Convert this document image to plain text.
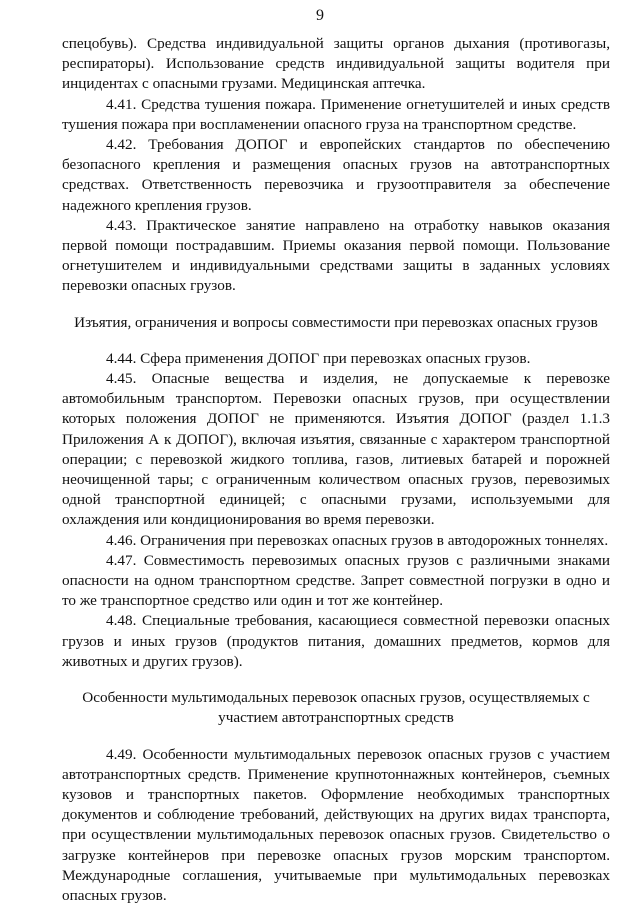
9

спецобувь). Средства индивидуальной защиты органов дыхания (противогазы, респираторы). Использование средств индивидуальной защиты водителя при инцидентах с опасными грузами. Медицинская аптечка.

4.41. Средства тушения пожара. Применение огнетушителей и иных средств тушения пожара при воспламенении опасного груза на транспортном средстве.

4.42. Требования ДОПОГ и европейских стандартов по обеспечению безопасного крепления и размещения опасных грузов на автотранспортных средствах. Ответственность перевозчика и грузоотправителя за обеспечение надежного крепления грузов.

4.43. Практическое занятие направлено на отработку навыков оказания первой помощи пострадавшим. Приемы оказания первой помощи. Пользование огнетушителем и индивидуальными средствами защиты в заданных условиях перевозки опасных грузов.

Изъятия, ограничения и вопросы совместимости при перевозках опасных грузов

4.44. Сфера применения ДОПОГ при перевозках опасных грузов.

4.45. Опасные вещества и изделия, не допускаемые к перевозке автомобильным транспортом. Перевозки опасных грузов, при осуществлении которых положения ДОПОГ не применяются. Изъятия ДОПОГ (раздел 1.1.3 Приложения А к ДОПОГ), включая изъятия, связанные с характером транспортной операции; с перевозкой жидкого топлива, газов, литиевых батарей и порожней неочищенной тары; с ограниченным количеством опасных грузов, перевозимых одной транспортной единицей; с опасными грузами, используемыми для охлаждения или кондиционирования во время перевозки.

4.46. Ограничения при перевозках опасных грузов в автодорожных тоннелях.

4.47. Совместимость перевозимых опасных грузов с различными знаками опасности на одном транспортном средстве. Запрет совместной погрузки в одно и то же транспортное средство или один и тот же контейнер.

4.48. Специальные требования, касающиеся совместной перевозки опасных грузов и иных грузов (продуктов питания, домашних предметов, кормов для животных и других грузов).

Особенности мультимодальных перевозок опасных грузов, осуществляемых с участием автотранспортных средств

4.49. Особенности мультимодальных перевозок опасных грузов с участием автотранспортных средств. Применение крупнотоннажных контейнеров, съемных кузовов и транспортных пакетов. Оформление необходимых транспортных документов и соблюдение требований, действующих на других видах транспорта, при осуществлении мультимодальных перевозок опасных грузов. Свидетельство о загрузке контейнеров при перевозке опасных грузов морским транспортом. Международные соглашения, учитываемые при мультимодальных перевозках опасных грузов.
